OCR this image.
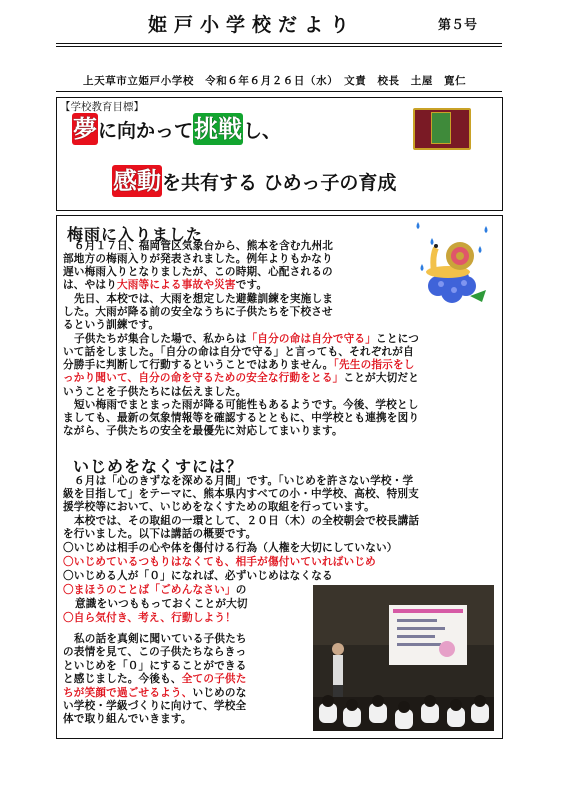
姫戸小学校だより	第５号
上天草市立姫戸小学校　令和６年６月２６日（水）　文責　校長　土屋　寛仁
【学校教育目標】
夢に向かって挑戦し、
感動を共有する ひめっ子の育成
梅雨に入りました
６月１７日、福岡管区気象台から、熊本を含む九州北
部地方の梅雨入りが発表されました。例年よりもかなり
遅い梅雨入りとなりましたが、この時期、心配されるの
は、やはり大雨等による事故や災害です。
先日、本校では、大雨を想定した避難訓練を実施しま
した。大雨が降る前の安全なうちに子供たちを下校させ
るという訓練です。
子供たちが集合した場で、私からは「自分の命は自分で守る」ことにつ
いて話をしました。「自分の命は自分で守る」と言っても、それぞれが自
分勝手に判断して行動するということではありません。「先生の指示をし
っかり聞いて、自分の命を守るための安全な行動をとる」ことが大切だと
いうことを子供たちには伝えました。
短い梅雨でまとまった雨が降る可能性もあるようです。今後、学校とし
ましても、最新の気象情報等を確認するとともに、中学校とも連携を図り
ながら、子供たちの安全を最優先に対応してまいります。
いじめをなくすには？
６月は「心のきずなを深める月間」です。「いじめを許さない学校・学
級を目指して」をテーマに、熊本県内すべての小・中学校、高校、特別支
援学校等において、いじめをなくすための取組を行っています。
本校では、その取組の一環として、２０日（木）の全校朝会で校長講話
を行いました。以下は講話の概要です。
〇いじめは相手の心や体を傷付ける行為（人権を大切にしていない）
〇いじめているつもりはなくても、相手が傷付いていればいじめ
〇いじめる人が「０」になれば、必ずいじめはなくなる
〇まほうのことば「ごめんなさい」の
意識をいつももっておくことが大切
〇自ら気付き、考え、行動しよう！
私の話を真剣に聞いている子供たち
の表情を見て、この子供たちならきっ
といじめを「０」にすることができる
と感じました。今後も、全ての子供た
ちが笑顔で過ごせるよう、いじめのな
い学校・学級づくりに向けて、学校全
体で取り組んでいきます。
